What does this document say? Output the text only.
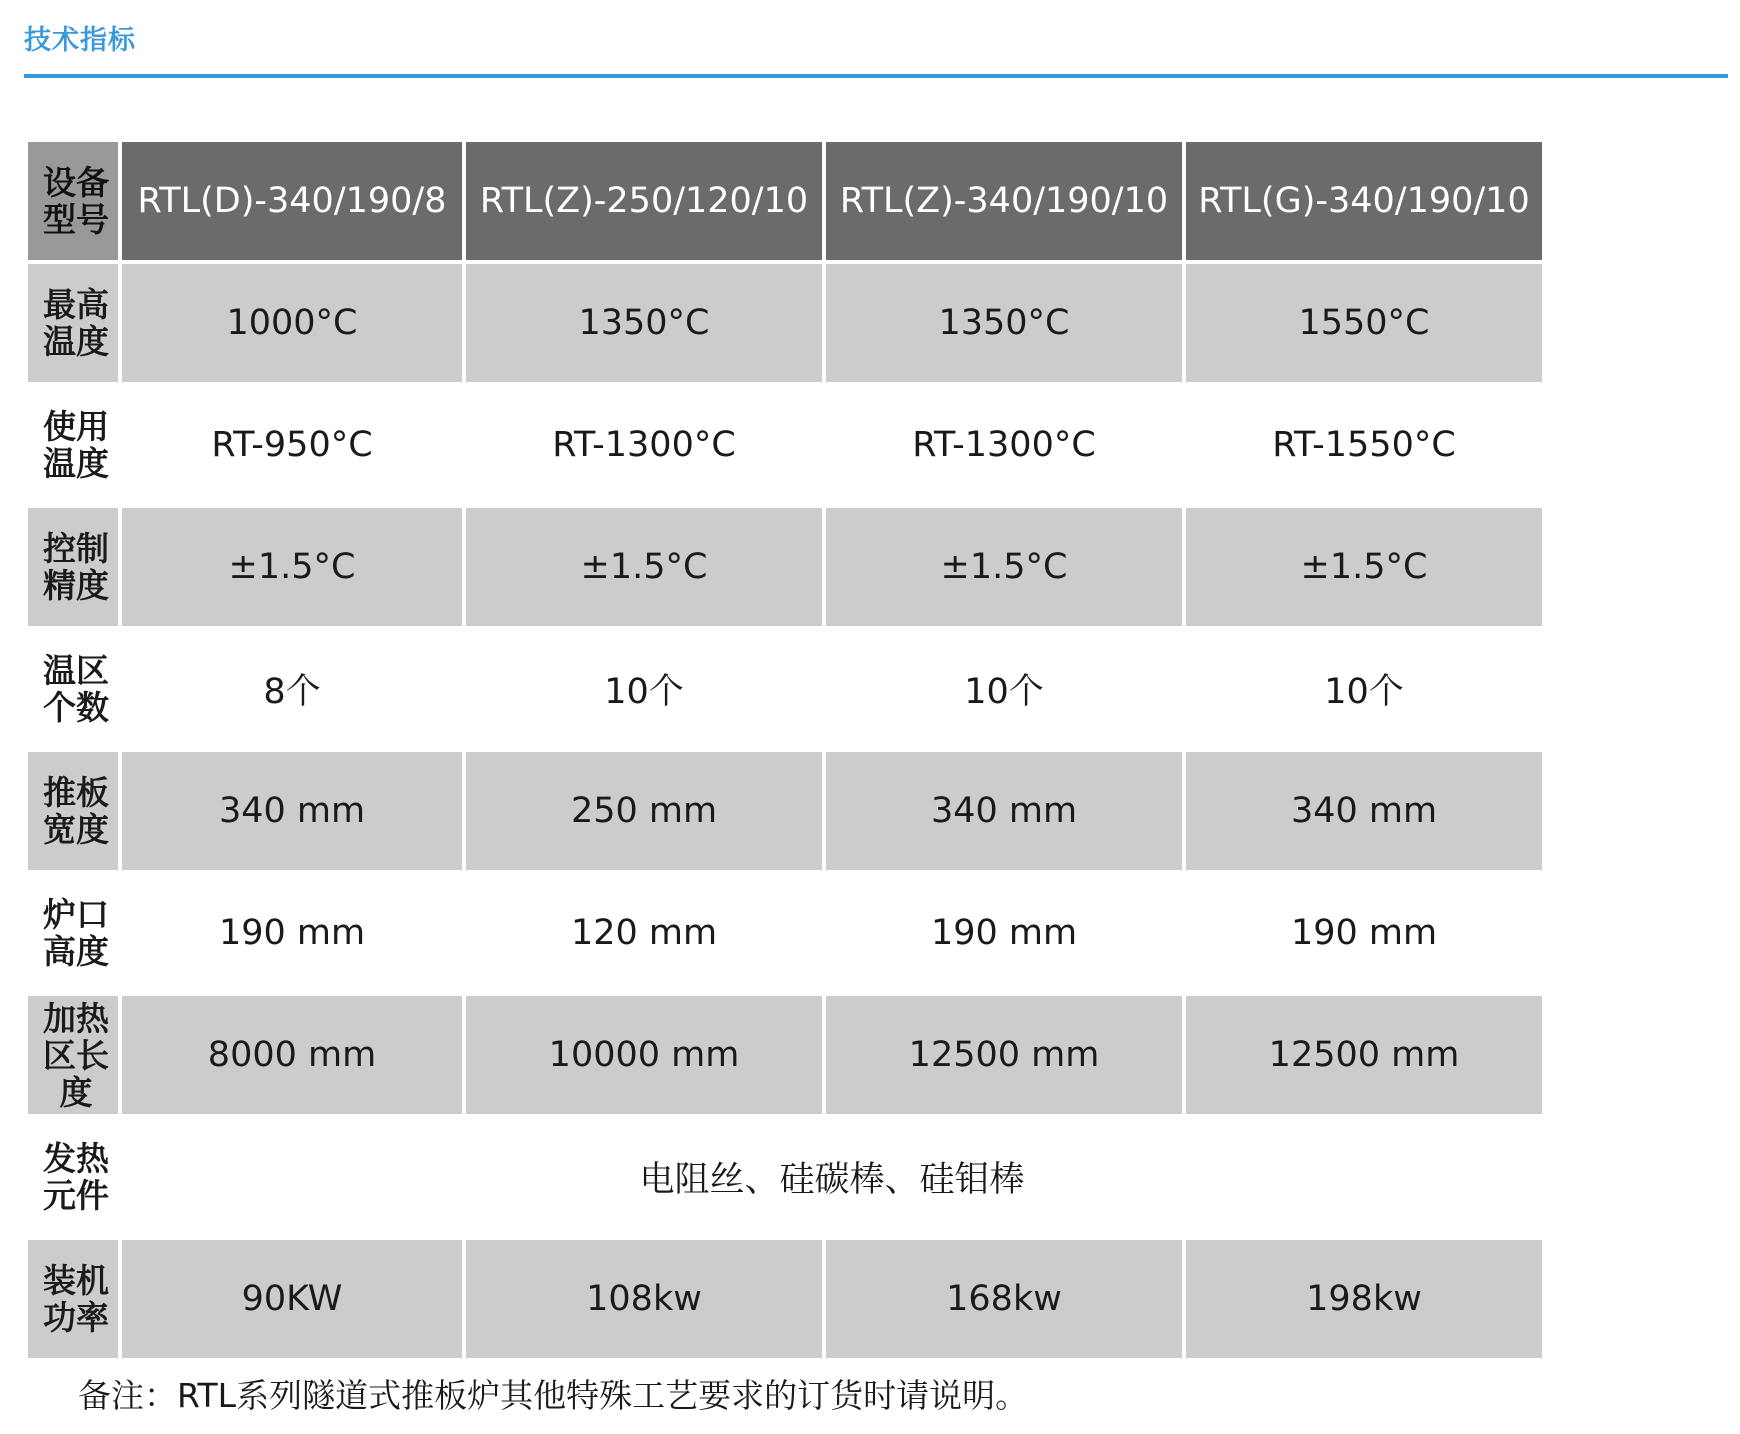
技术指标
设备型号	RTL(D)-340/190/8	RTL(Z)-250/120/10	RTL(Z)-340/190/10	RTL(G)-340/190/10
最高温度	1000°C	1350°C	1350°C	1550°C
使用温度	RT-950°C	RT-1300°C	RT-1300°C	RT-1550°C
控制精度	±1.5°C	±1.5°C	±1.5°C	±1.5°C
温区个数	8个	10个	10个	10个
推板宽度	340 mm	250 mm	340 mm	340 mm
炉口高度	190 mm	120 mm	190 mm	190 mm
加热区长度	8000 mm	10000 mm	12500 mm	12500 mm
发热元件	电阻丝、硅碳棒、硅钼棒			
装机功率	90KW	108kw	168kw	198kw
备注：RTL系列隧道式推板炉其他特殊工艺要求的订货时请说明。
